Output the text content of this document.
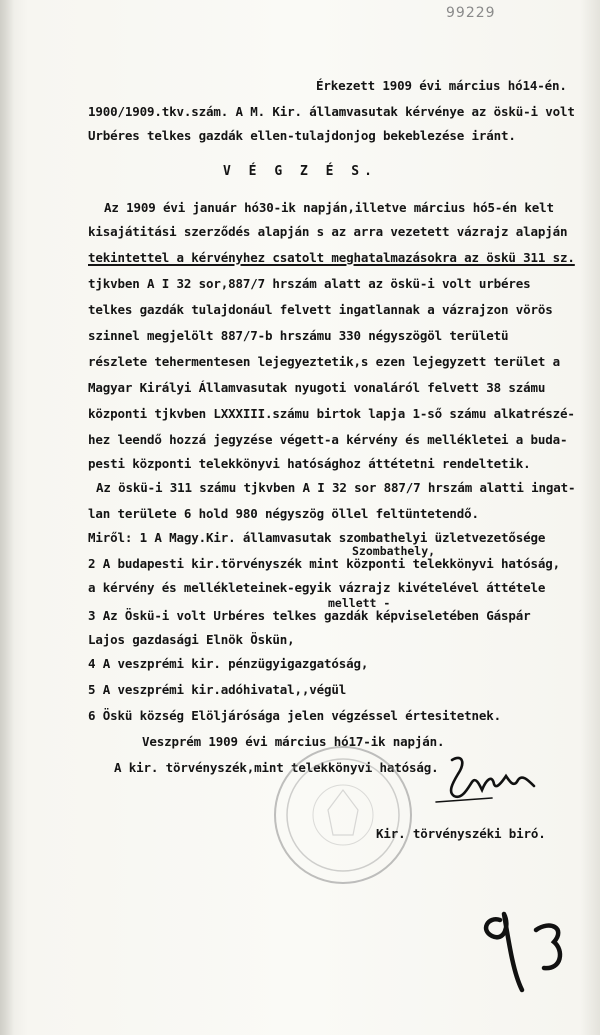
99229
Érkezett 1909 évi március hó14-én.
1900/1909.tkv.szám. A M. Kir. államvasutak kérvénye az öskü-i volt
Urbéres telkes gazdák ellen-tulajdonjog bekeblezése iránt.
V É G Z É S.
Az 1909 évi január hó30-ik napján,illetve március hó5-én kelt
kisajátitási szerződés alapján s az arra vezetett vázrajz alapján
tekintettel a kérvényhez csatolt meghatalmazásokra az öskü 311 sz.
tjkvben A I 32 sor,887/7 hrszám alatt az öskü-i volt urbéres
telkes gazdák tulajdonául felvett ingatlannak a vázrajzon vörös
szinnel megjelölt 887/7-b hrszámu 330 négyszögöl területü
részlete tehermentesen lejegyeztetik,s ezen lejegyzett terület a
Magyar Királyi Államvasutak nyugoti vonaláról felvett 38 számu
központi tjkvben LXXXIII.számu birtok lapja 1-ső számu alkatrészé-
hez leendő hozzá jegyzése végett-a kérvény és mellékletei a buda-
pesti központi telekkönyvi hatósághoz áttétetni rendeltetik.
Az öskü-i 311 számu tjkvben A I 32 sor 887/7 hrszám alatti ingat-
lan területe 6 hold 980 négyszög öllel feltüntetendő.
Miről: 1 A Magy.Kir. államvasutak szombathelyi üzletvezetősége
Szombathely,
2 A budapesti kir.törvényszék mint központi telekkönyvi hatóság,
a kérvény és mellékleteinek-egyik vázrajz kivételével áttétele
mellett -
3 Az Öskü-i volt Urbéres telkes gazdák képviseletében Gáspár
Lajos gazdasági Elnök Öskün,
4 A veszprémi kir. pénzügyigazgatóság,
5 A veszprémi kir.adóhivatal,,végül
6 Öskü község Elöljárósága jelen végzéssel értesitetnek.
Veszprém 1909 évi március hó17-ik napján.
A kir. törvényszék,mint telekkönyvi hatóság.
Kir. törvényszéki biró.
